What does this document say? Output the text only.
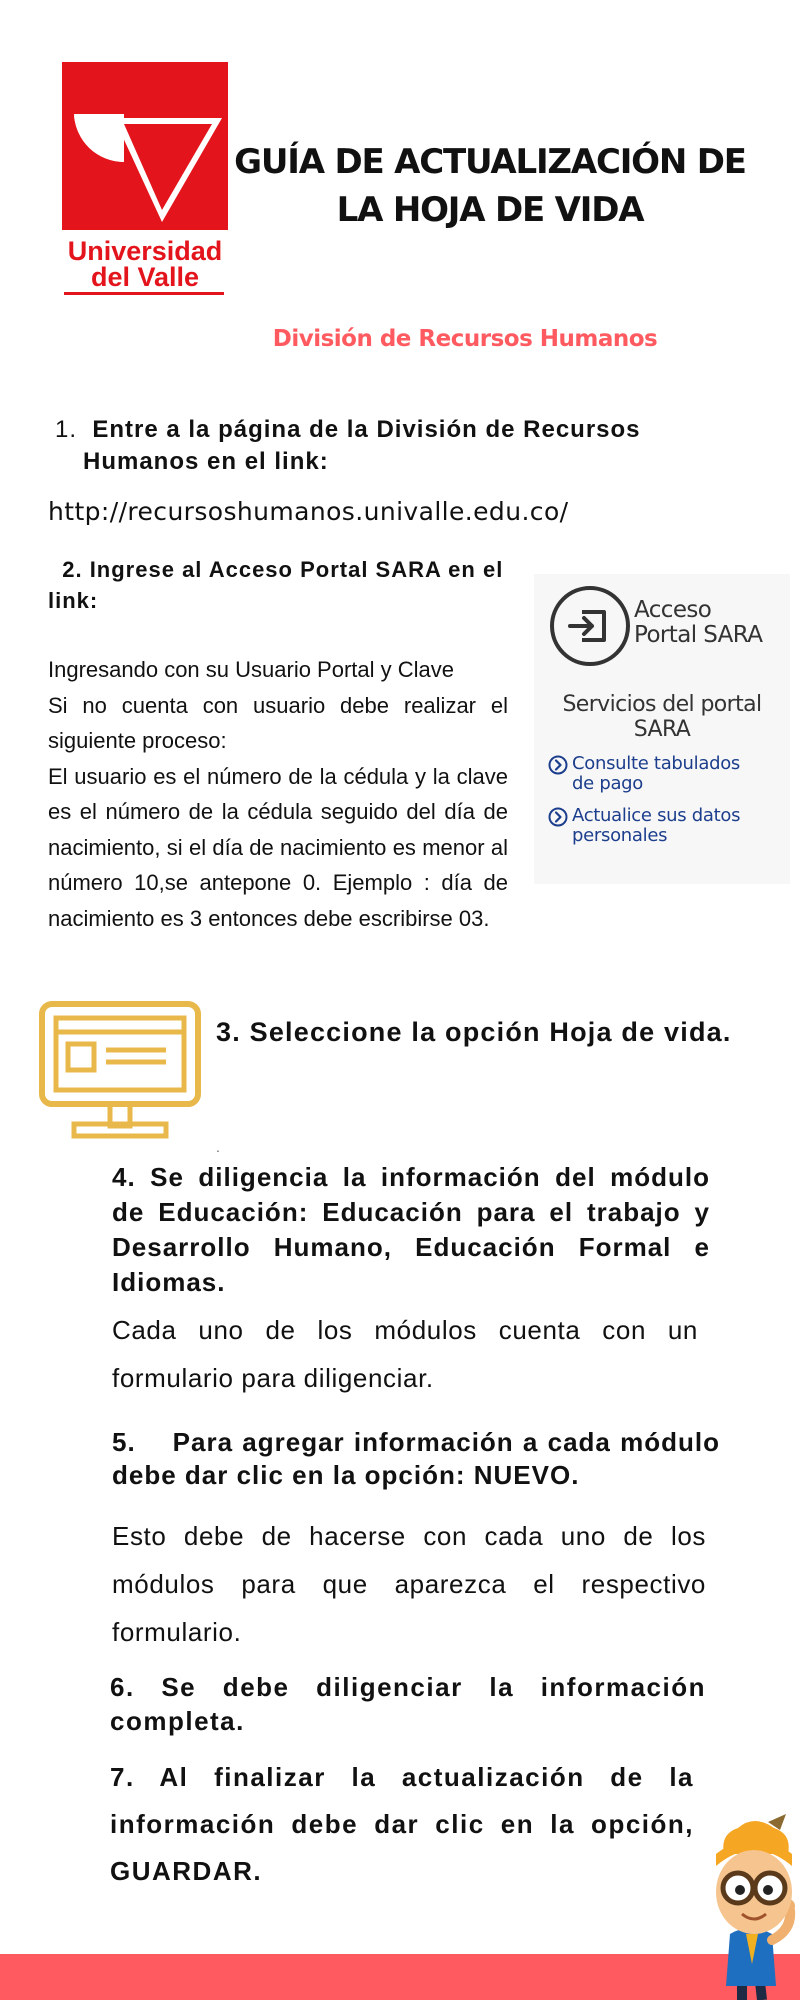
Universidad
del Valle
GUÍA DE ACTUALIZACIÓN DE LA HOJA DE VIDA
División de Recursos Humanos
1. Entre a la página de la División de Recursos
Humanos en el link:
http://recursoshumanos.univalle.edu.co/
2. Ingrese al Acceso Portal SARA en el link:

Ingresando con su Usuario Portal y Clave

Si no cuenta con usuario debe realizar el siguiente proceso:

El usuario es el número de la cédula y la clave es el número de la cédula seguido del día de nacimiento, si el día de nacimiento es menor al número 10,se antepone 0. Ejemplo : día de nacimiento es 3 entonces debe escribirse 03.

Acceso
Portal SARA
Servicios del portal
SARA
Consulte tabulados
de pago
Actualice sus datos
personales
3. Seleccione la opción Hoja de vida.
.
4. Se diligencia la información del módulo de Educación: Educación para el trabajo y Desarrollo Humano, Educación Formal e Idiomas.
Cada uno de los módulos cuenta con un formulario para diligenciar.
5.    Para agregar información a cada módulo debe dar clic en la opción: NUEVO.
Esto debe de hacerse con cada uno de los módulos para que aparezca el respectivo formulario.
6. Se debe diligenciar la información completa.
7. Al finalizar la actualización de la información debe dar clic en la opción, GUARDAR.
